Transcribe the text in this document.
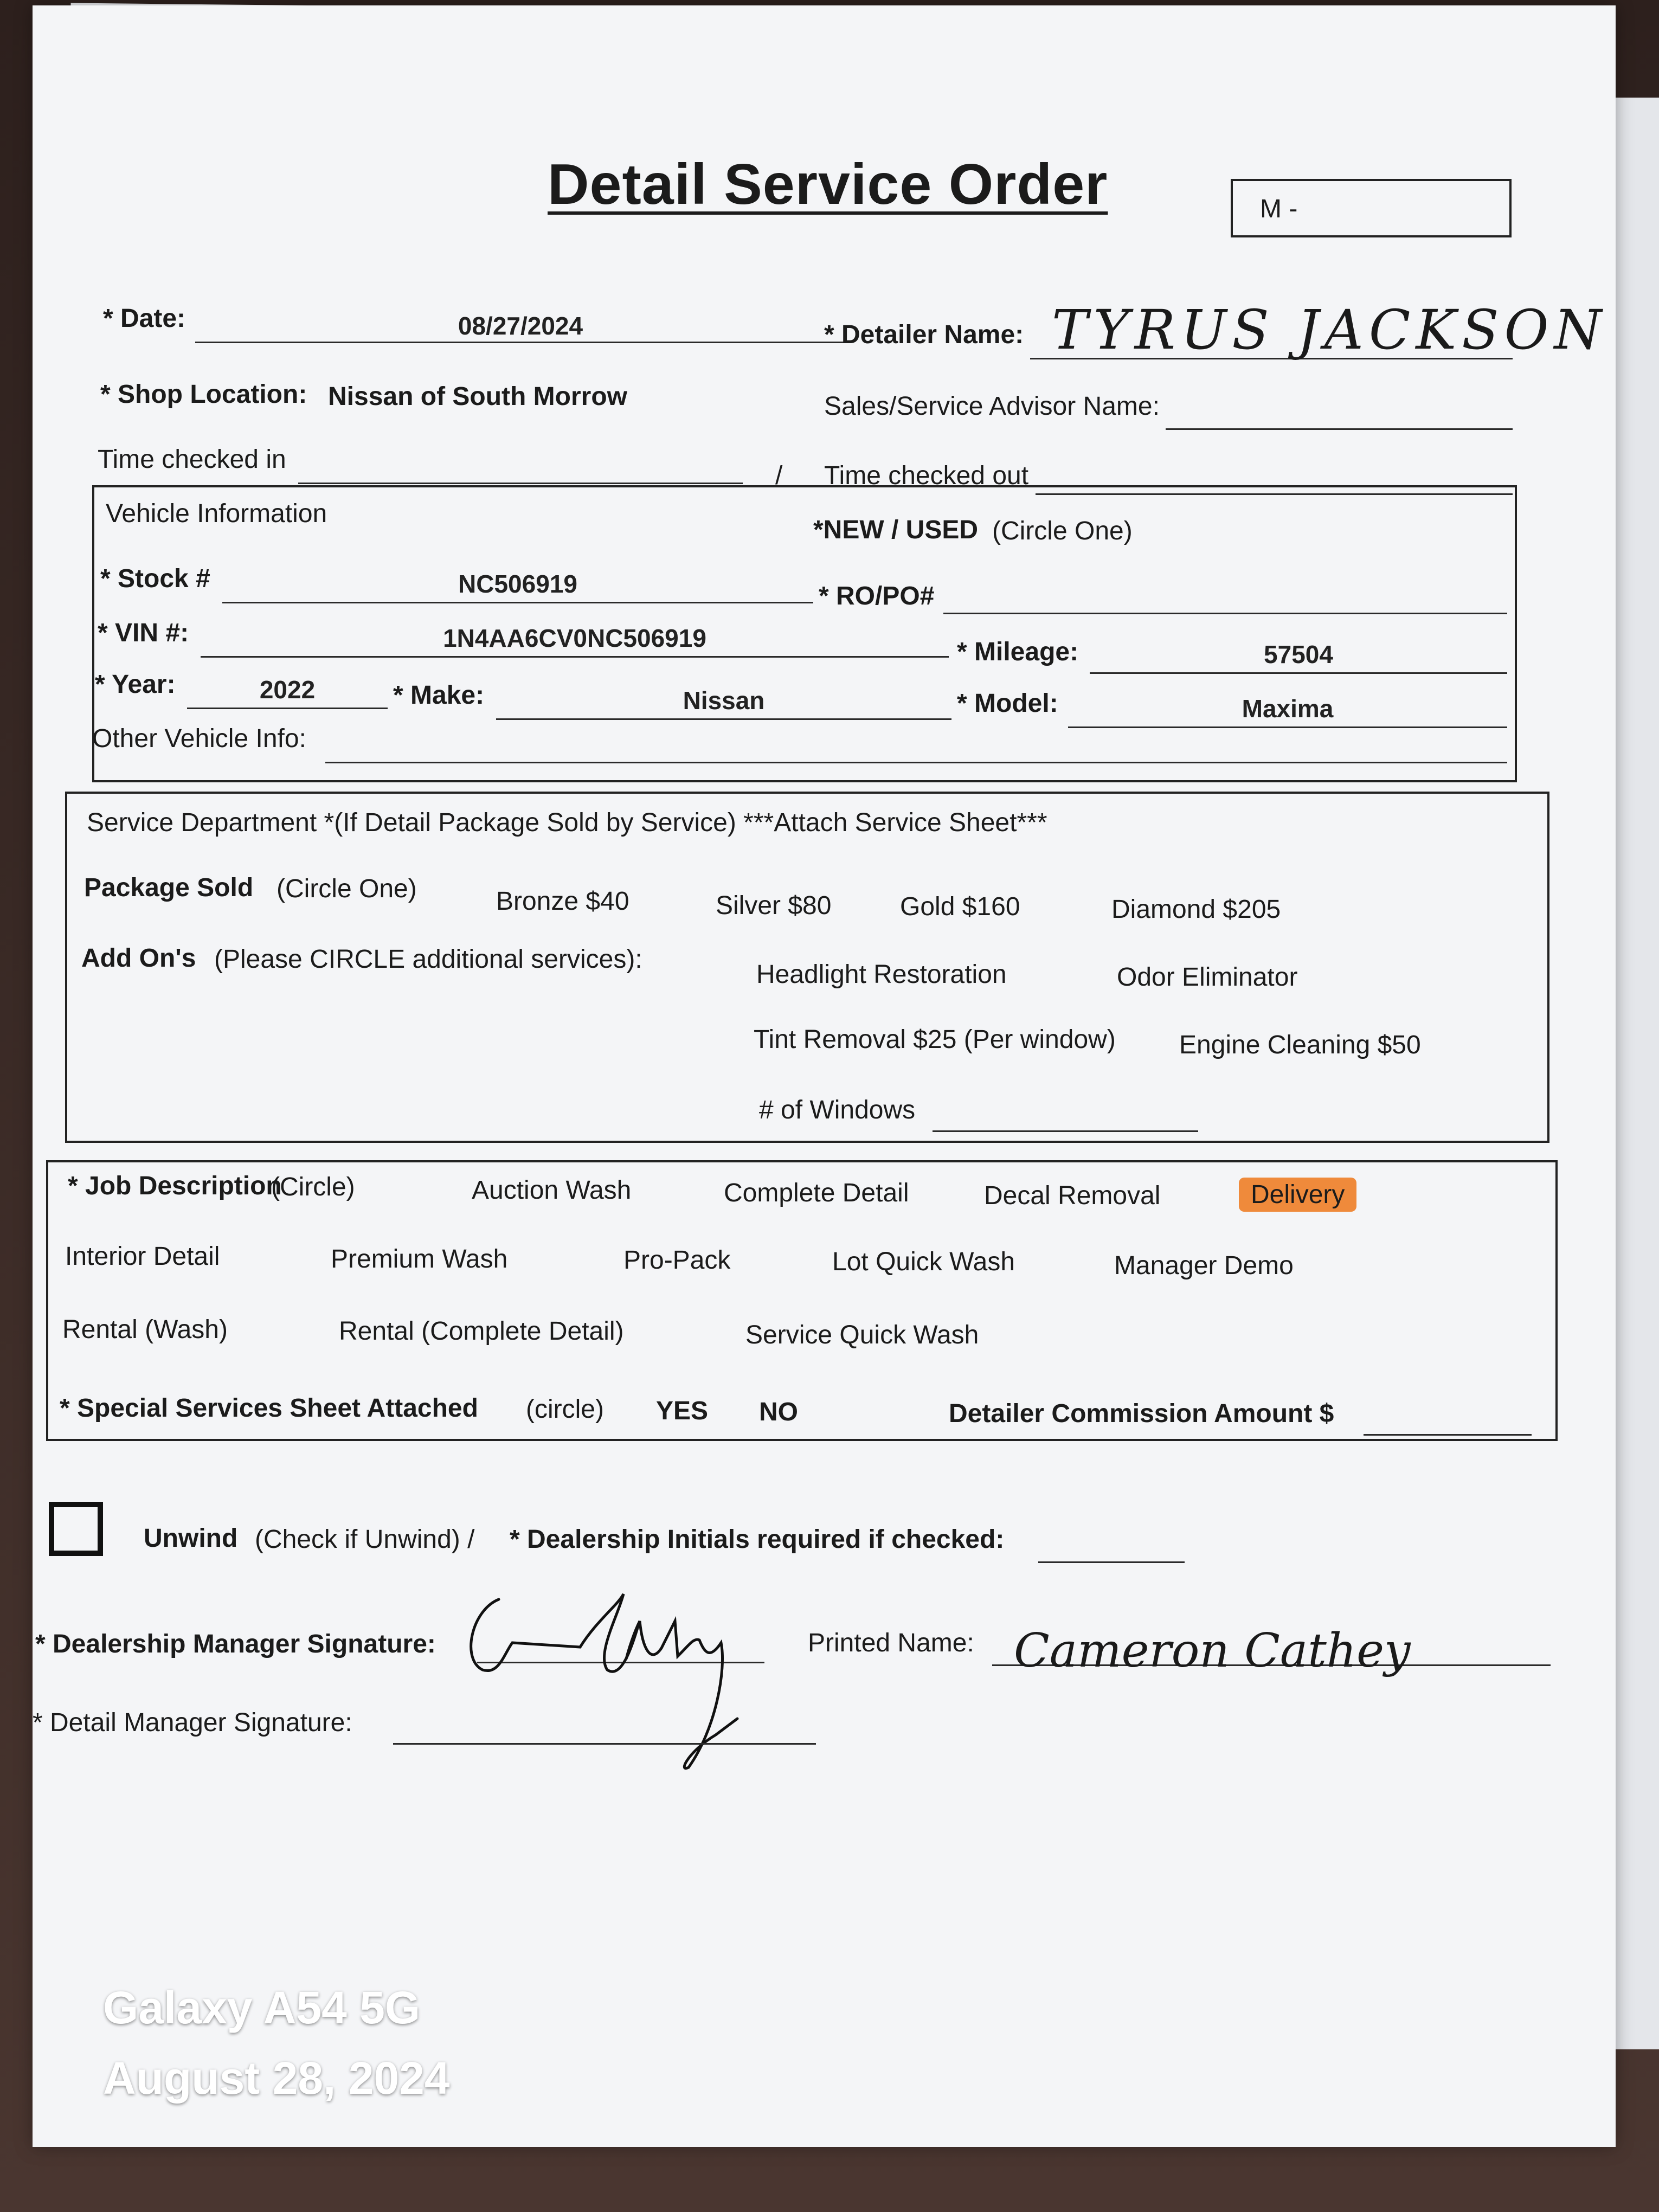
Detail Service Order	M -
* Date:	08/27/2024	* Detailer Name: TYRUS JACKSON
* Shop Location: Nissan of South Morrow	Sales/Service Advisor Name:
Time checked in
/ Time checked out
Vehicle Information
*NEW / USED (Circle One)
* Stock #	NC506919	* RO/PO#
* VIN #:	1N4AA6CV0NC506919	* Mileage:	57504
* Year:	2022	* Make:	Nissan	* Model:	Maxima
Other Vehicle Info:
Service Department *(If Detail Package Sold by Service) ***Attach Service Sheet***
Package Sold (Circle One)	Bronze $40	Silver $80	Gold $160	Diamond $205
Add On's (Please CIRCLE additional services):
Headlight Restoration	Odor Eliminator
Tint Removal $25 (Per window) Engine Cleaning $50
# of Windows
* Job Description
(Circle)	Auction Wash	Complete Detail	Decal Removal	Delivery
Interior Detail	Premium Wash	Pro-Pack	Lot Quick Wash	Manager Demo
Rental (Wash)	Rental (Complete Detail)	Service Quick Wash
* Special Services Sheet Attached (circle) YES NO	Detailer Commission Amount $
Unwind (Check if Unwind) / * Dealership Initials required if checked:
* Dealership Manager Signature:	Printed Name: Cameron Cathey
* Detail Manager Signature:
Galaxy A54 5G
August 28, 2024
